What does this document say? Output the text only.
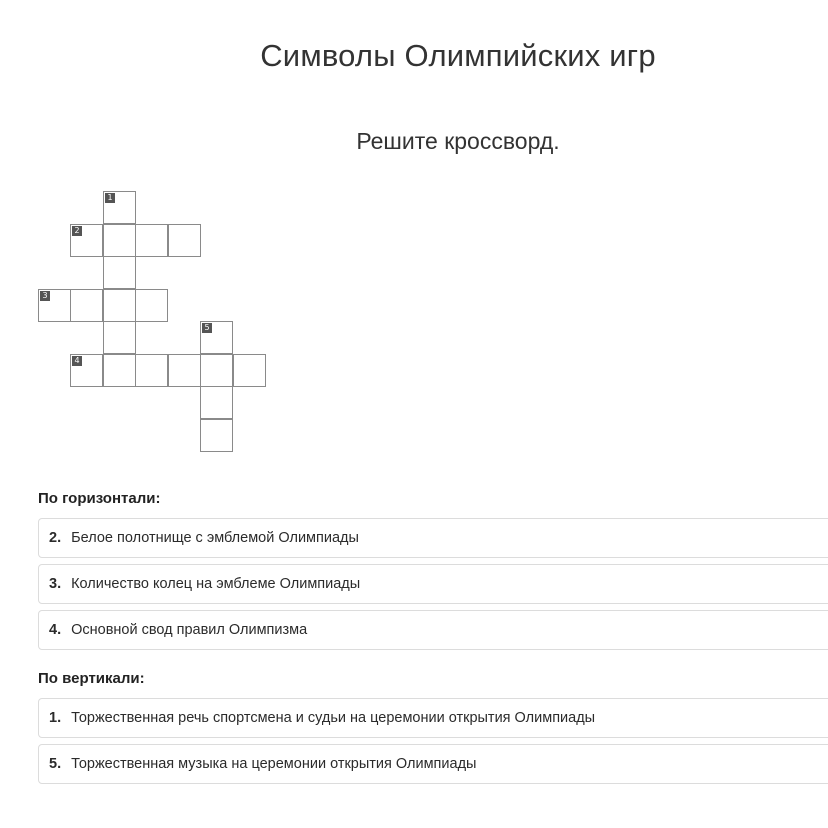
Символы Олимпийских игр
Решите кроссворд.
1
2
3
4
5
По горизонтали:
2. Белое полотнище с эмблемой Олимпиады
3. Количество колец на эмблеме Олимпиады
4. Основной свод правил Олимпизма
По вертикали:
1. Торжественная речь спортсмена и судьи на церемонии открытия Олимпиады
5. Торжественная музыка на церемонии открытия Олимпиады
